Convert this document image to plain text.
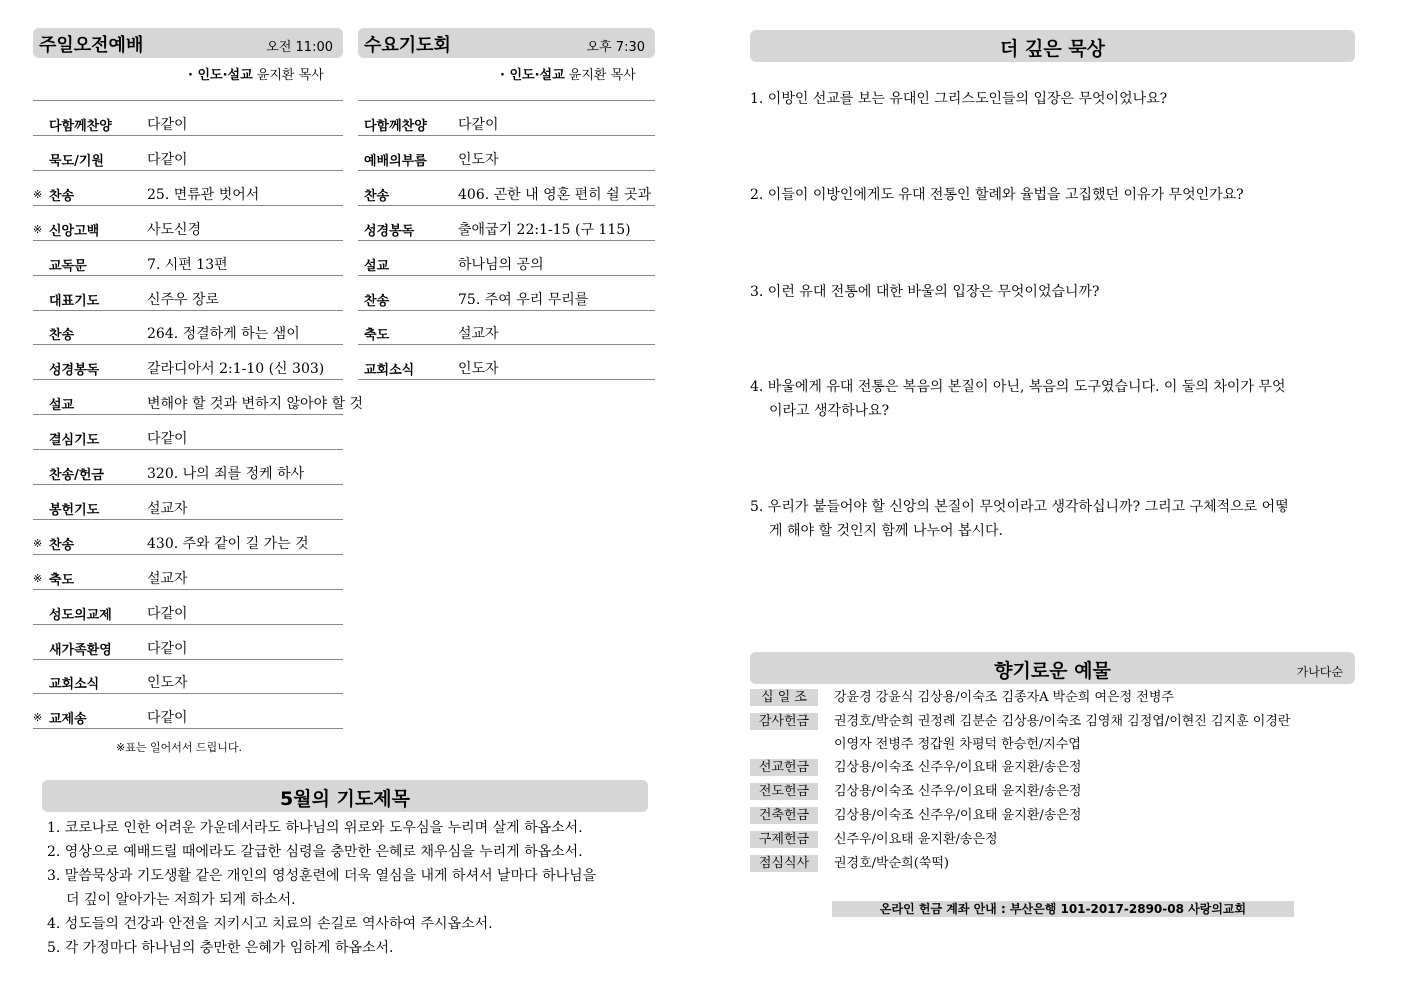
주일오전예배	오전 11:00
· 인도·설교 윤지환 목사
다함께찬양	다같이
묵도/기원	다같이
※ 찬송	25. 면류관 벗어서
※ 신앙고백	사도신경
교독문	7. 시편 13편
대표기도	신주우 장로
찬송	264. 정결하게 하는 샘이
성경봉독	갈라디아서 2:1-10 (신 303)
설교	변해야 할 것과 변하지 않아야 할 것
결심기도	다같이
찬송/헌금	320. 나의 죄를 정케 하사
봉헌기도	설교자
※ 찬송	430. 주와 같이 길 가는 것
※ 축도	설교자
성도의교제	다같이
새가족환영	다같이
교회소식	인도자
※ 교제송	다같이
※표는 일어서서 드립니다.
수요기도회	오후 7:30
· 인도·설교 윤지환 목사
다함께찬양	다같이
예배의부름	인도자
찬송	406. 곤한 내 영혼 편히 쉴 곳과
성경봉독	출애굽기 22:1-15 (구 115)
설교	하나님의 공의
찬송	75. 주여 우리 무리를
축도	설교자
교회소식	인도자
5월의 기도제목
1. 코로나로 인한 어려운 가운데서라도 하나님의 위로와 도우심을 누리며 살게 하옵소서.
2. 영상으로 예배드릴 때에라도 갈급한 심령을 충만한 은혜로 채우심을 누리게 하옵소서.
3. 말씀묵상과 기도생활 같은 개인의 영성훈련에 더욱 열심을 내게 하셔서 날마다 하나님을
더 깊이 알아가는 저희가 되게 하소서.
4. 성도들의 건강과 안전을 지키시고 치료의 손길로 역사하여 주시옵소서.
5. 각 가정마다 하나님의 충만한 은혜가 임하게 하옵소서.
더 깊은 묵상
1. 이방인 선교를 보는 유대인 그리스도인들의 입장은 무엇이었나요?
2. 이들이 이방인에게도 유대 전통인 할례와 율법을 고집했던 이유가 무엇인가요?
3. 이런 유대 전통에 대한 바울의 입장은 무엇이었습니까?
4. 바울에게 유대 전통은 복음의 본질이 아닌, 복음의 도구였습니다. 이 둘의 차이가 무엇
이라고 생각하나요?
5. 우리가 붙들어야 할 신앙의 본질이 무엇이라고 생각하십니까? 그리고 구체적으로 어떻
게 해야 할 것인지 함께 나누어 봅시다.
향기로운 예물	가나다순
십 일 조	강윤경 강윤식 김상용/이숙조 김종자A 박순희 여은정 전병주
감사헌금	권경호/박순희 권정례 김분순 김상용/이숙조 김영채 김정엽/이현진 김지훈 이경란
이영자 전병주 정갑원 차평덕 한승헌/지수엽
선교헌금	김상용/이숙조 신주우/이요태 윤지환/송은정
전도헌금	김상용/이숙조 신주우/이요태 윤지환/송은정
건축헌금	김상용/이숙조 신주우/이요태 윤지환/송은정
구제헌금	신주우/이요태 윤지환/송은정
점심식사	권경호/박순희(쑥떡)
온라인 헌금 계좌 안내 : 부산은행 101-2017-2890-08 사랑의교회
